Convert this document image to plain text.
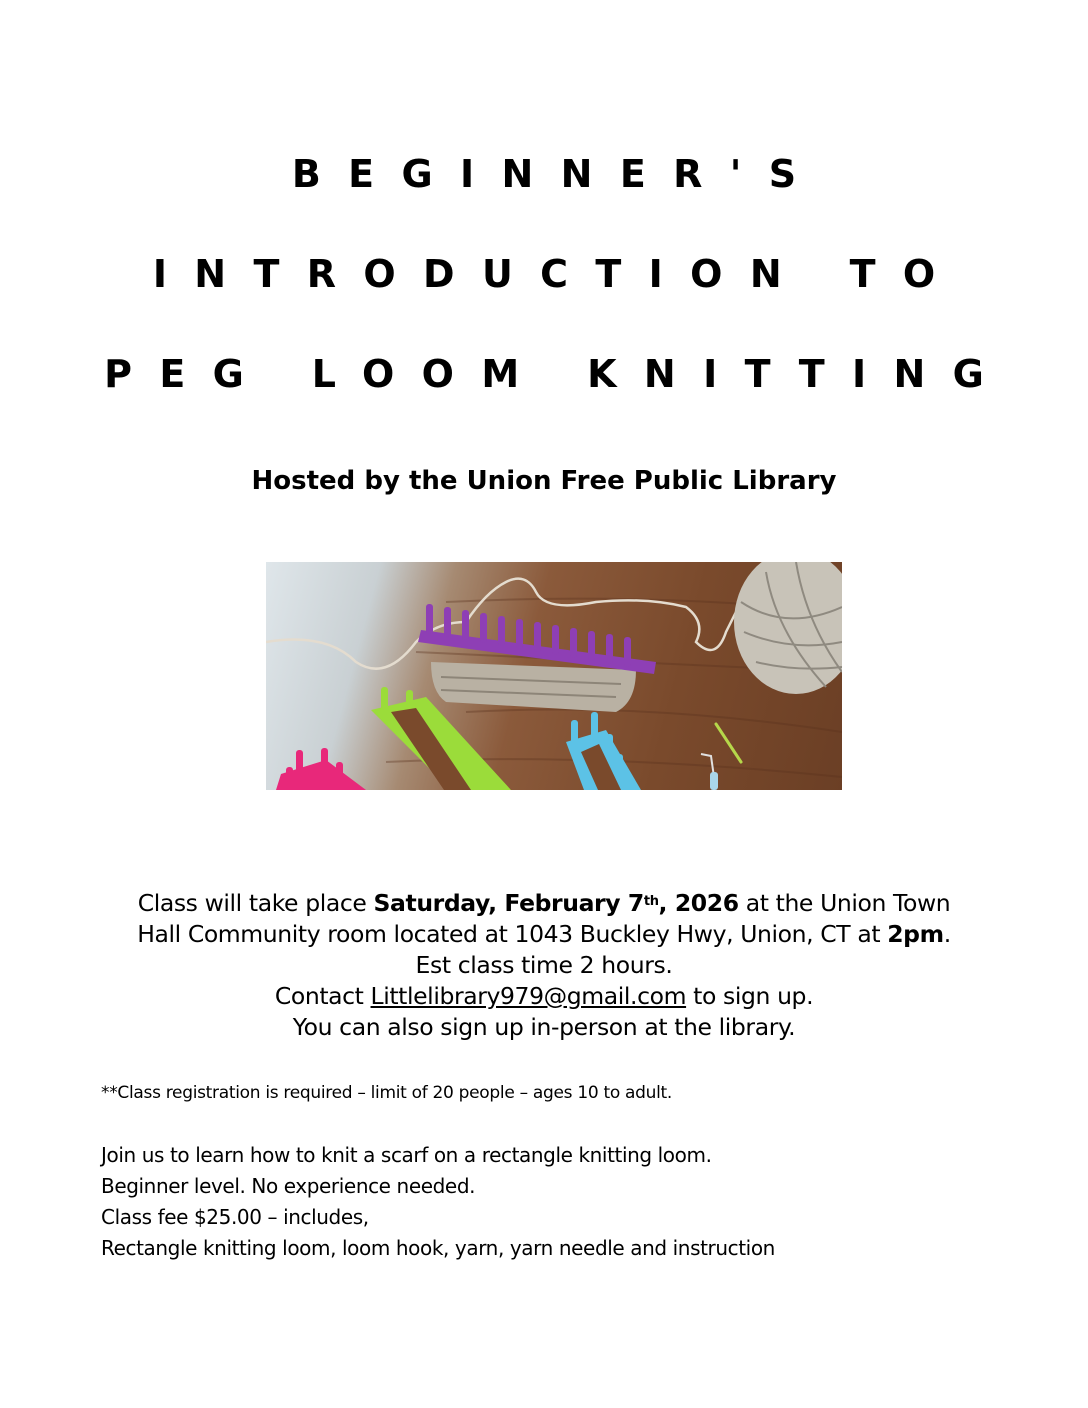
BEGINNER'S
INTRODUCTION TO
PEG LOOM KNITTING
Hosted by the Union Free Public Library

Class will take place Saturday, February 7th, 2026 at the Union Town

Hall Community room located at 1043 Buckley Hwy, Union, CT at 2pm.

Est class time 2 hours.

Contact Littlelibrary979@gmail.com to sign up.

You can also sign up in-person at the library.

**Class registration is required – limit of 20 people – ages 10 to adult.

Join us to learn how to knit a scarf on a rectangle knitting loom.

Beginner level. No experience needed.

Class fee $25.00 – includes,

Rectangle knitting loom, loom hook, yarn, yarn needle and instruction
